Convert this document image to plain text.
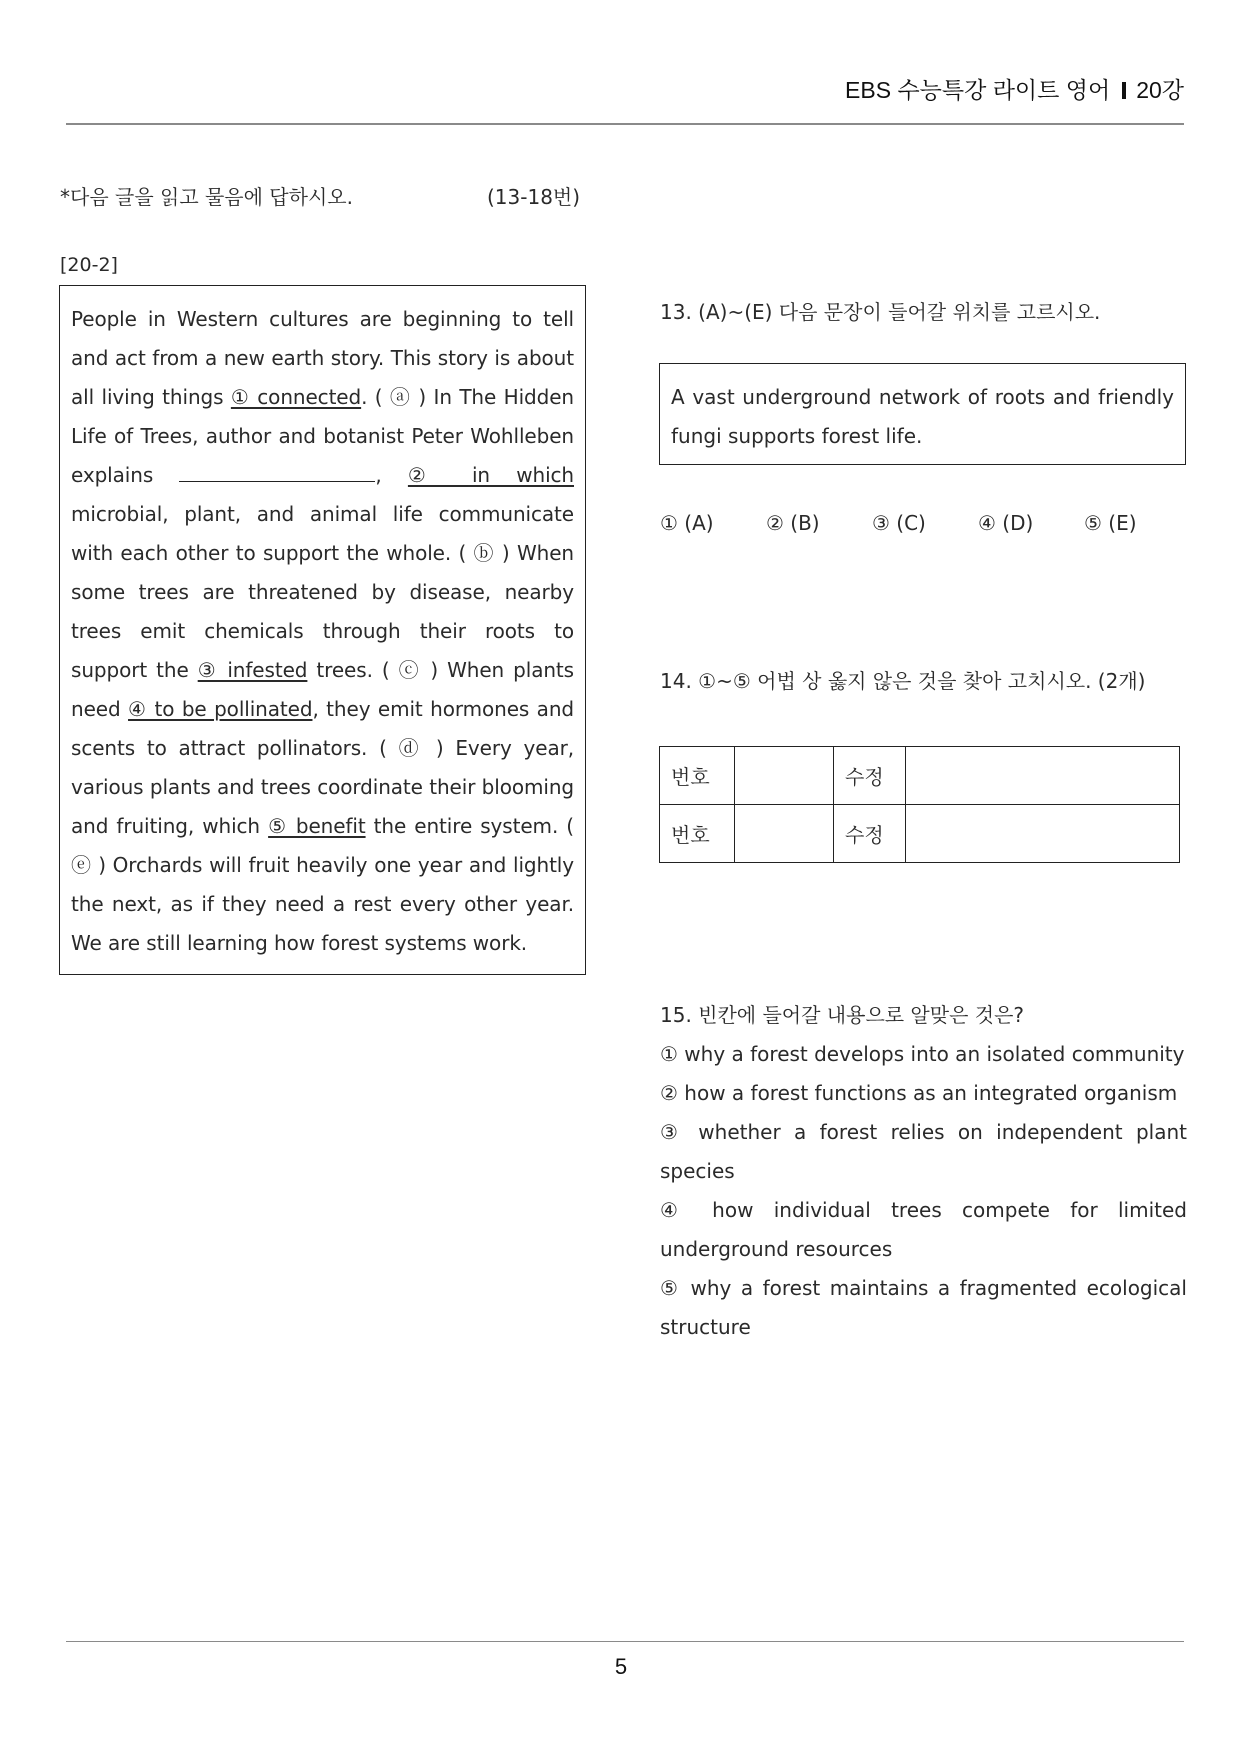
EBS 수능특강 라이트 영어 20강
*다음 글을 읽고 물음에 답하시오.	(13-18번)
[20-2]

People in Western cultures are beginning to tell and act from a new earth story. This story is about all living things ① connected. ( ⓐ ) In The Hidden Life of Trees, author and botanist Peter Wohlleben explains	, ② in which microbial, plant, and animal life communicate with each other to support the whole. ( ⓑ ) When some trees are threatened by disease, nearby trees emit chemicals through their roots to support the ③ infested trees. ( ⓒ ) When plants need ④ to be pollinated, they emit hormones and scents to attract pollinators. ( ⓓ ) Every year, various plants and trees coordinate their blooming and fruiting, which ⑤ benefit the entire system. ( ⓔ ) Orchards will fruit heavily one year and lightly the next, as if they need a rest every other year. We are still learning how forest systems work.

13. (A)~(E) 다음 문장이 들어갈 위치를 고르시오.
A vast underground network of roots and friendly fungi supports forest life.
① (A)	② (B)	③ (C)	④ (D)	⑤ (E)
14. ①~⑤ 어법 상 옳지 않은 것을 찾아 고치시오. (2개)
번호		수정	
번호		수정	
15. 빈칸에 들어갈 내용으로 알맞은 것은?
① why a forest develops into an isolated community
② how a forest functions as an integrated organism
③ whether a forest relies on independent plant species
④ how individual trees compete for limited underground resources
⑤ why a forest maintains a fragmented ecological structure
5
